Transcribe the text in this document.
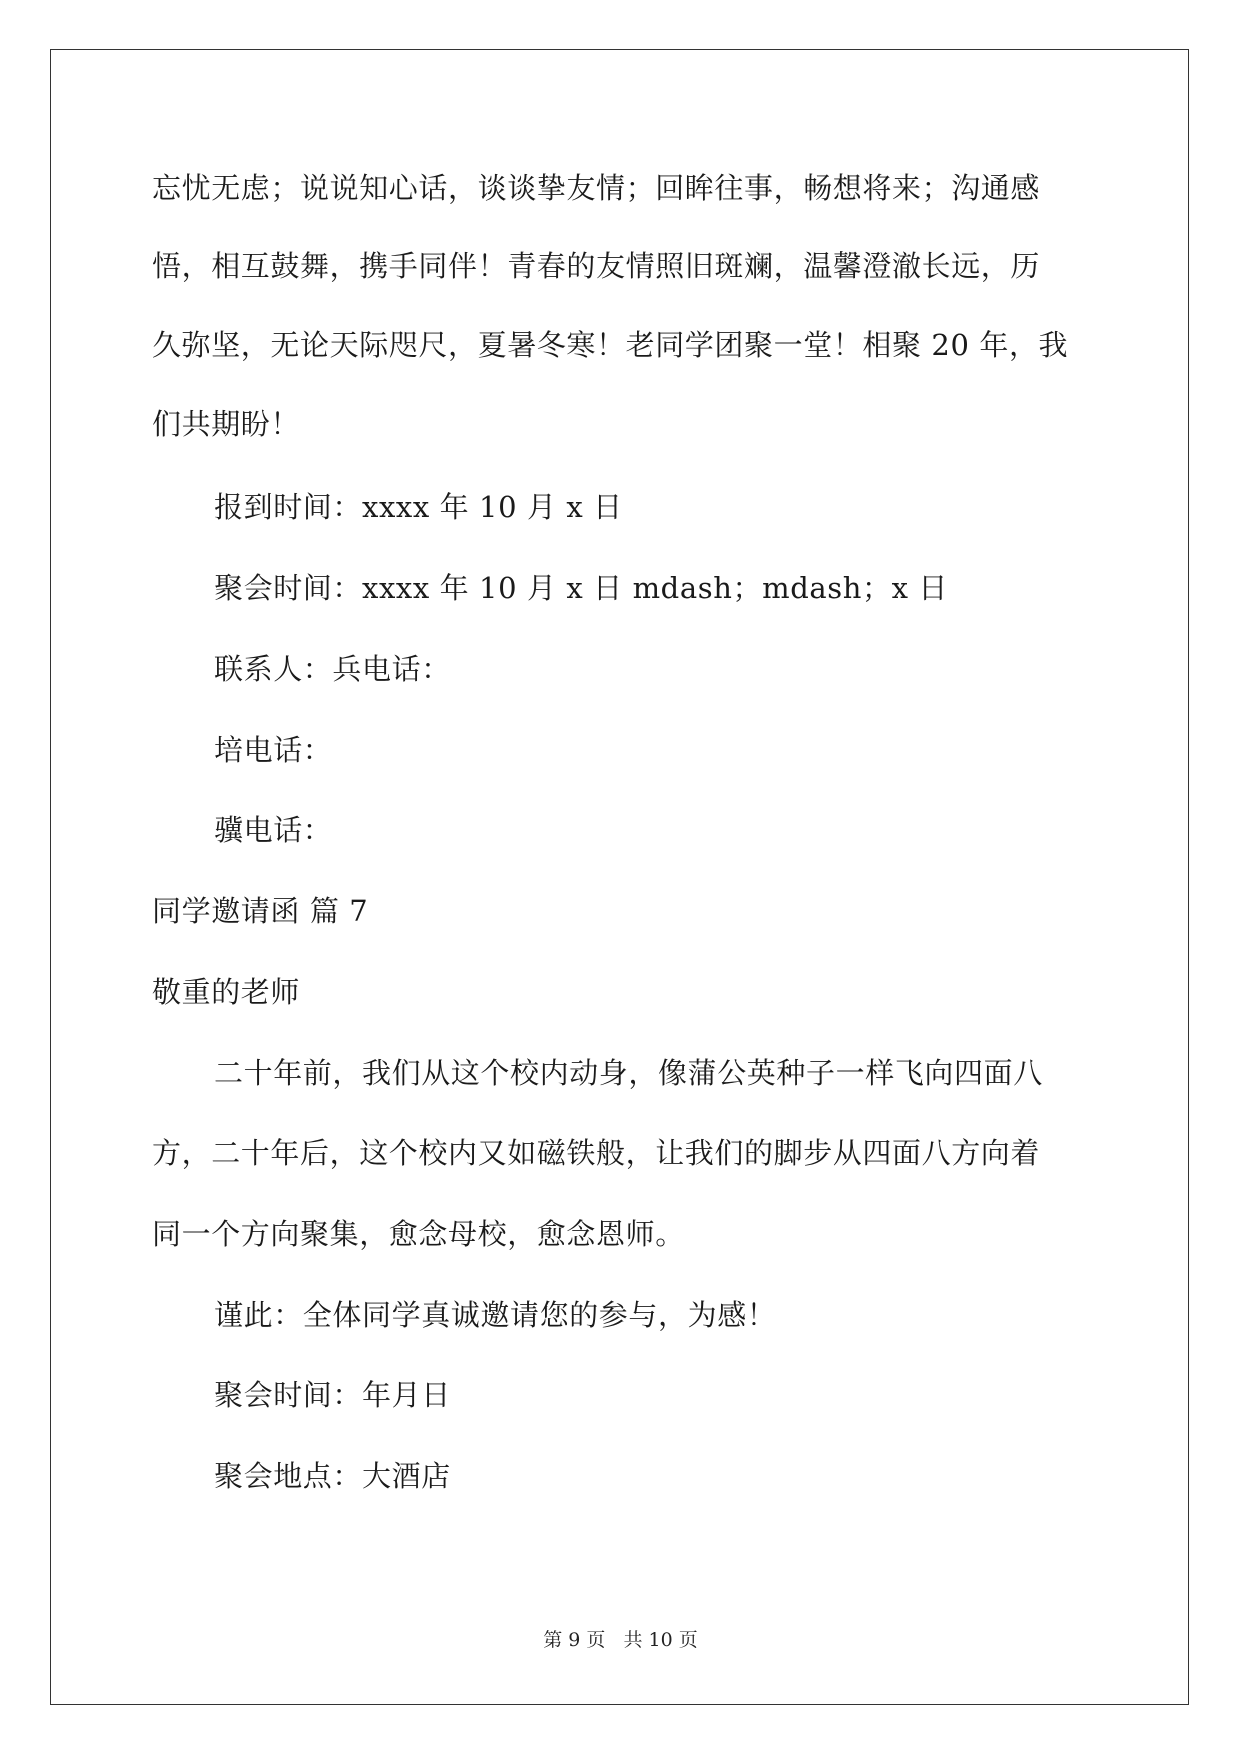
忘忧无虑；说说知心话，谈谈挚友情；回眸往事，畅想将来；沟通感
悟，相互鼓舞，携手同伴！青春的友情照旧斑斓，温馨澄澈长远，历
久弥坚，无论天际咫尺，夏暑冬寒！老同学团聚一堂！相聚 20 年，我
们共期盼！
报到时间：xxxx 年 10 月 x 日
聚会时间：xxxx 年 10 月 x 日 mdash；mdash；x 日
联系人：兵电话：
培电话：
骥电话：
同学邀请函 篇 7
敬重的老师
二十年前，我们从这个校内动身，像蒲公英种子一样飞向四面八
方，二十年后，这个校内又如磁铁般，让我们的脚步从四面八方向着
同一个方向聚集，愈念母校，愈念恩师。
谨此：全体同学真诚邀请您的参与，为感！
聚会时间：年月日
聚会地点：大酒店
第 9 页 共 10 页
